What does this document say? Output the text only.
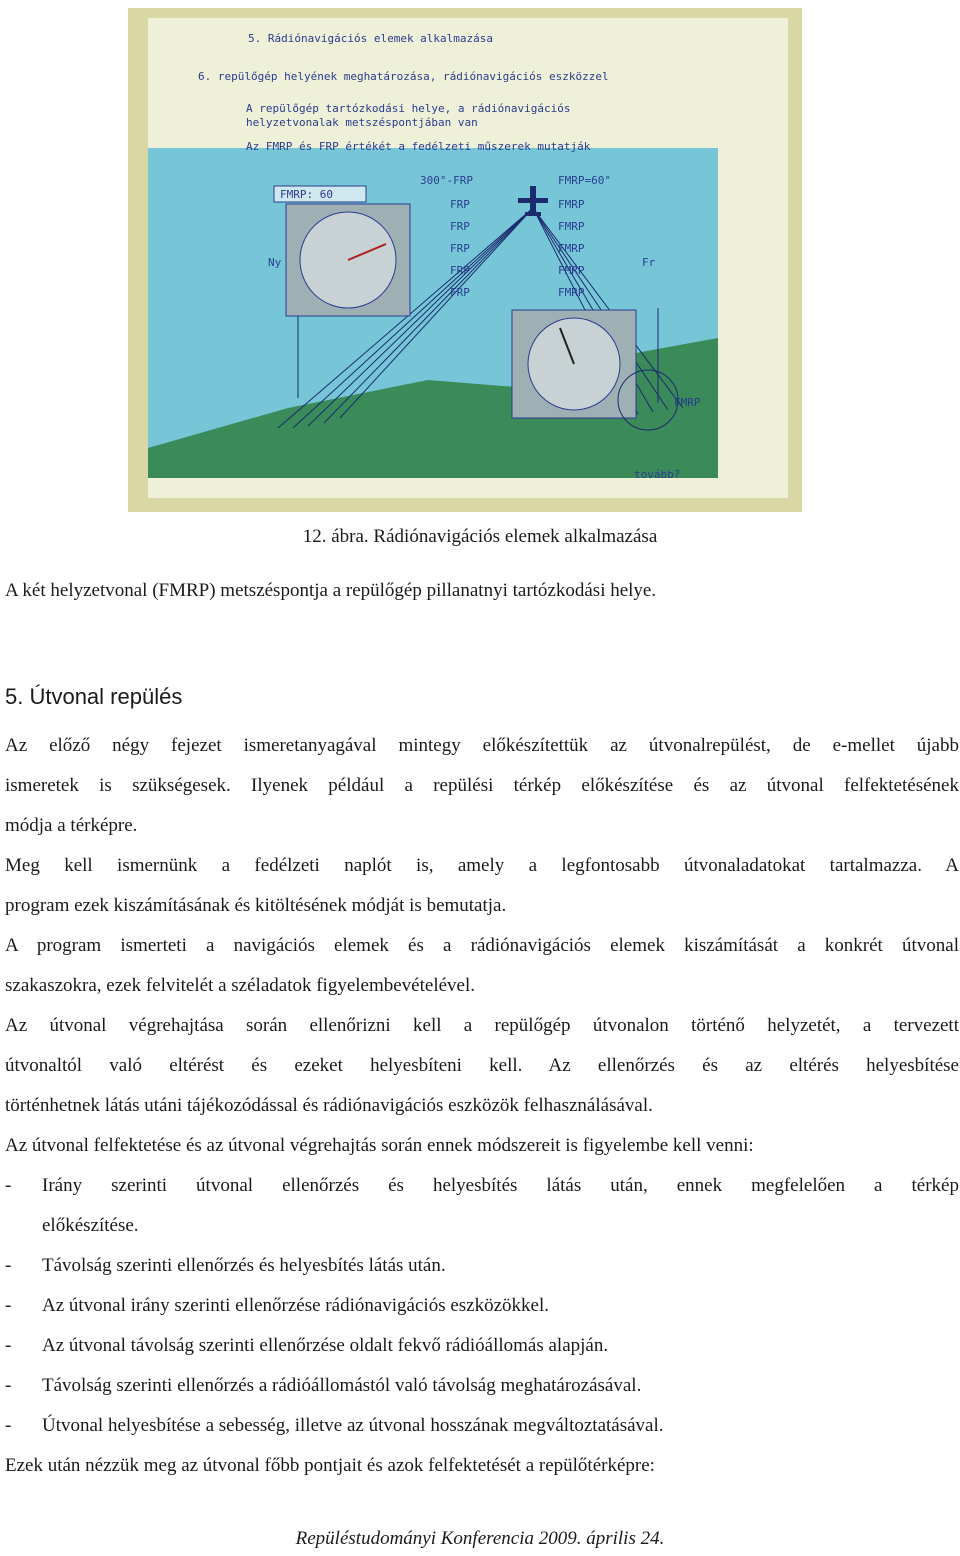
5. Rádiónavigációs elemek alkalmazása
6. repülőgép helyének meghatározása, rádiónavigációs eszközzel
A repülőgép tartózkodási helye, a rádiónavigációs
helyzetvonalak metszéspontjában van
Az FMRP és FRP értékét a fedélzeti műszerek mutatják
FMRP: 60
300°-FRP
FRP
FRP
FRP
FRP
FRP
FMRP=60°
FMRP
FMRP
FMRP
FMRP
FMRP
Ny	Fr
FMRP
tovább?
12. ábra. Rádiónavigációs elemek alkalmazása
A két helyzetvonal (FMRP) metszéspontja a repülőgép pillanatnyi tartózkodási helye.
5. Útvonal repülés
Az előző négy fejezet ismeretanyagával mintegy előkészítettük az útvonalrepülést, de e-mellet újabb
ismeretek is szükségesek. Ilyenek például a repülési térkép előkészítése és az útvonal felfektetésének
módja a térképre.
Meg kell ismernünk a fedélzeti naplót is, amely a legfontosabb útvonaladatokat tartalmazza. A
program ezek kiszámításának és kitöltésének módját is bemutatja.
A program ismerteti a navigációs elemek és a rádiónavigációs elemek kiszámítását a konkrét útvonal
szakaszokra, ezek felvitelét a széladatok figyelembevételével.
Az útvonal végrehajtása során ellenőrizni kell a repülőgép útvonalon történő helyzetét, a tervezett
útvonaltól való eltérést és ezeket helyesbíteni kell. Az ellenőrzés és az eltérés helyesbítése
történhetnek látás utáni tájékozódással és rádiónavigációs eszközök felhasználásával.
Az útvonal felfektetése és az útvonal végrehajtás során ennek módszereit is figyelembe kell venni:
- Irány szerinti útvonal ellenőrzés és helyesbítés látás után, ennek megfelelően a térkép
előkészítése.
- Távolság szerinti ellenőrzés és helyesbítés látás után.
- Az útvonal irány szerinti ellenőrzése rádiónavigációs eszközökkel.
- Az útvonal távolság szerinti ellenőrzése oldalt fekvő rádióállomás alapján.
- Távolság szerinti ellenőrzés a rádióállomástól való távolság meghatározásával.
- Útvonal helyesbítése a sebesség, illetve az útvonal hosszának megváltoztatásával.
Ezek után nézzük meg az útvonal főbb pontjait és azok felfektetését a repülőtérképre:
Repüléstudományi Konferencia 2009. április 24.
